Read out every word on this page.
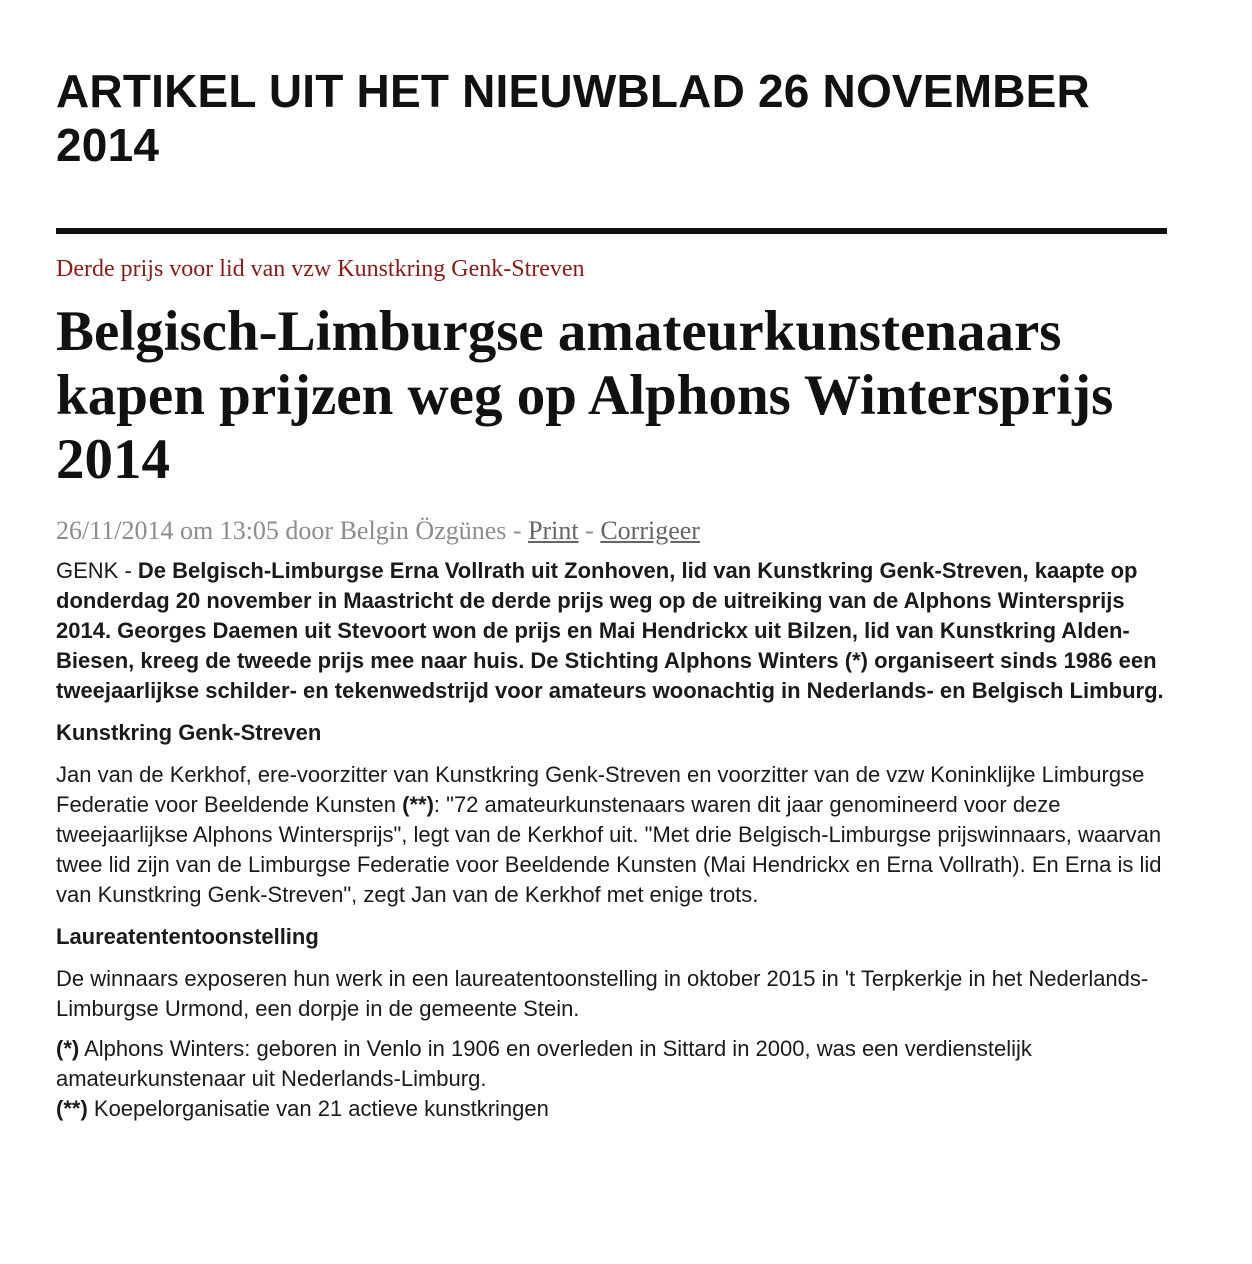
ARTIKEL UIT HET NIEUWBLAD 26 NOVEMBER 2014
Derde prijs voor lid van vzw Kunstkring Genk-Streven
Belgisch-Limburgse amateurkunstenaars kapen prijzen weg op Alphons Wintersprijs 2014
26/11/2014 om 13:05 door Belgin Özgünes - Print - Corrigeer

GENK - De Belgisch-Limburgse Erna Vollrath uit Zonhoven, lid van Kunstkring Genk-Streven, kaapte op donderdag 20 november in Maastricht de derde prijs weg op de uitreiking van de Alphons Wintersprijs 2014. Georges Daemen uit Stevoort won de prijs en Mai Hendrickx uit Bilzen, lid van Kunstkring Alden-Biesen, kreeg de tweede prijs mee naar huis. De Stichting Alphons Winters (*) organiseert sinds 1986 een tweejaarlijkse schilder- en tekenwedstrijd voor amateurs woonachtig in Nederlands- en Belgisch Limburg.

Kunstkring Genk-Streven

Jan van de Kerkhof, ere-voorzitter van Kunstkring Genk-Streven en voorzitter van de vzw Koninklijke Limburgse Federatie voor Beeldende Kunsten (**): "72 amateurkunstenaars waren dit jaar genomineerd voor deze tweejaarlijkse Alphons Wintersprijs", legt van de Kerkhof uit. "Met drie Belgisch-Limburgse prijswinnaars, waarvan twee lid zijn van de Limburgse Federatie voor Beeldende Kunsten (Mai Hendrickx en Erna Vollrath). En Erna is lid van Kunstkring Genk-Streven", zegt Jan van de Kerkhof met enige trots.

Laureatententoonstelling

De winnaars exposeren hun werk in een laureatentoonstelling in oktober 2015 in 't Terpkerkje in het Nederlands-Limburgse Urmond, een dorpje in de gemeente Stein.

(*) Alphons Winters: geboren in Venlo in 1906 en overleden in Sittard in 2000, was een verdienstelijk amateurkunstenaar uit Nederlands-Limburg.
(**) Koepelorganisatie van 21 actieve kunstkringen
